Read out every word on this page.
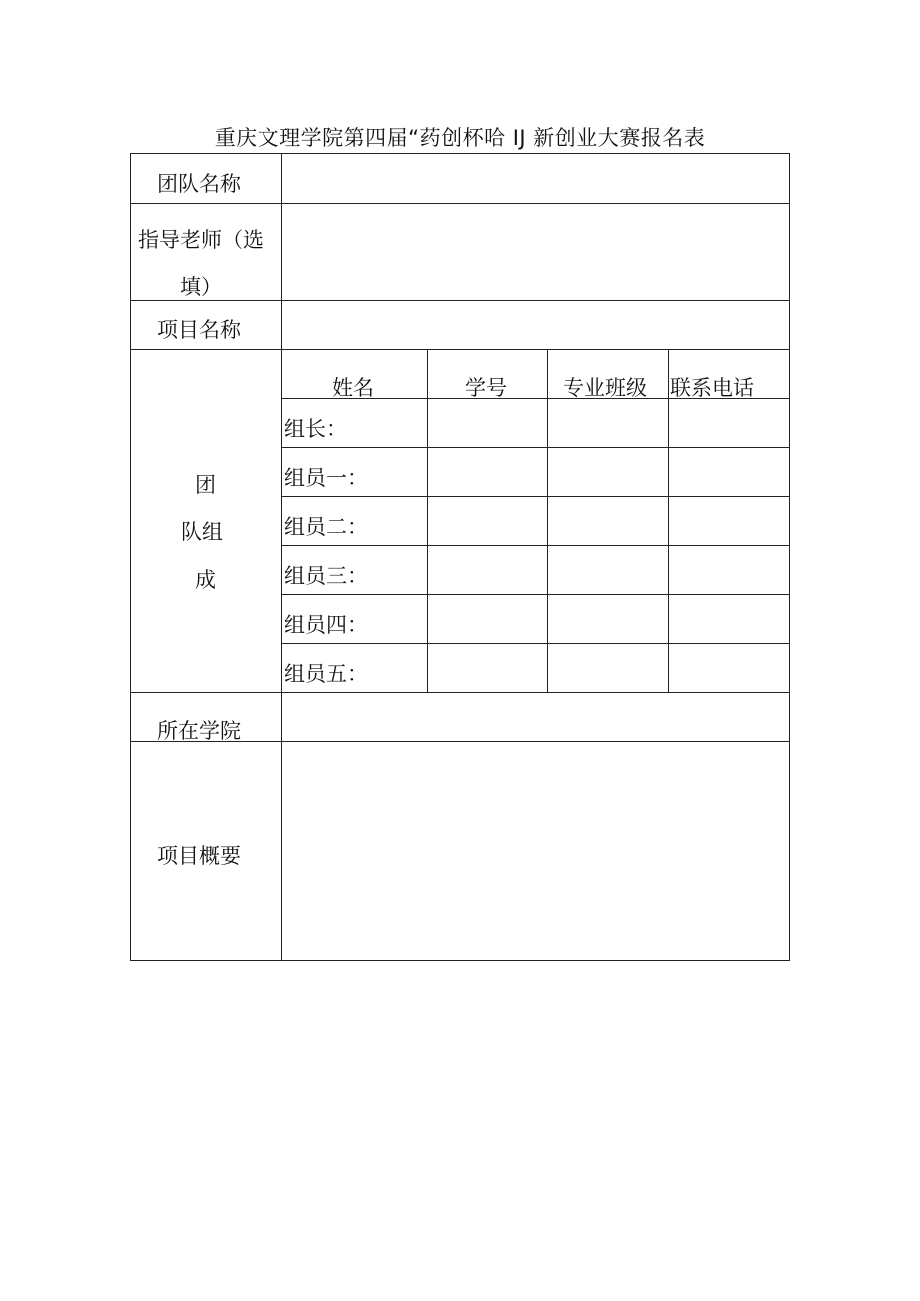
重庆文理学院第四届“药创杯哈 IJ 新创业大赛报名表
团队名称
指导老师（选
填）
项目名称
团
队组
成
姓名	学号	专业班级 联系电话
组长：
组员一：
组员二：
组员三：
组员四：
组员五：
所在学院
项目概要
